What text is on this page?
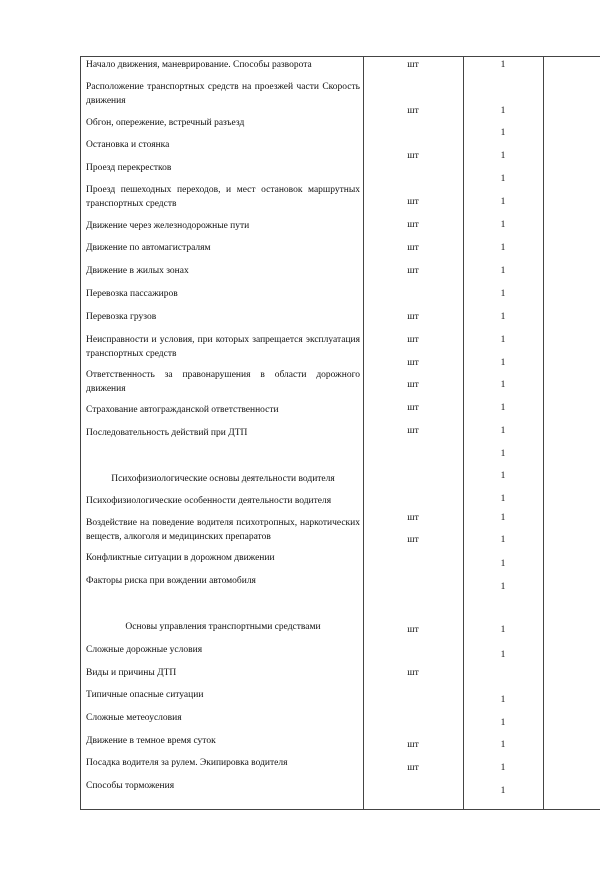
Начало движения, маневрирование. Способы разворота
Расположение транспортных средств на проезжей части Скорость движения
Обгон, опережение, встречный разъезд
Остановка и стоянка
Проезд перекрестков
Проезд пешеходных переходов, и мест остановок маршрутных транспортных средств
Движение через железнодорожные пути
Движение по автомагистралям
Движение в жилых зонах
Перевозка пассажиров
Перевозка грузов
Неисправности и условия, при которых запрещается эксплуатация транспортных средств
Ответственность за правонарушения в области дорожного движения
Страхование автогражданской ответственности
Последовательность действий при ДТП
Психофизиологические основы деятельности водителя
Психофизиологические особенности деятельности водителя
Воздействие на поведение водителя психотропных, наркотических веществ, алкоголя и медицинских препаратов
Конфликтные ситуации в дорожном движении
Факторы риска при вождении автомобиля
Основы управления транспортными средствами
Сложные дорожные условия
Виды и причины ДТП
Типичные опасные ситуации
Сложные метеоусловия
Движение в темное время суток
Посадка водителя за рулем. Экипировка водителя
Способы торможения
шт
шт
шт
шт
шт
шт
шт
шт
шт
шт
шт
шт
шт
шт
шт
шт
шт
шт
шт
1
1
1
1
1
1
1
1
1
1
1
1
1
1
1
1
1
1
1
1
1
1
1
1
1
1
1
1
1
1
